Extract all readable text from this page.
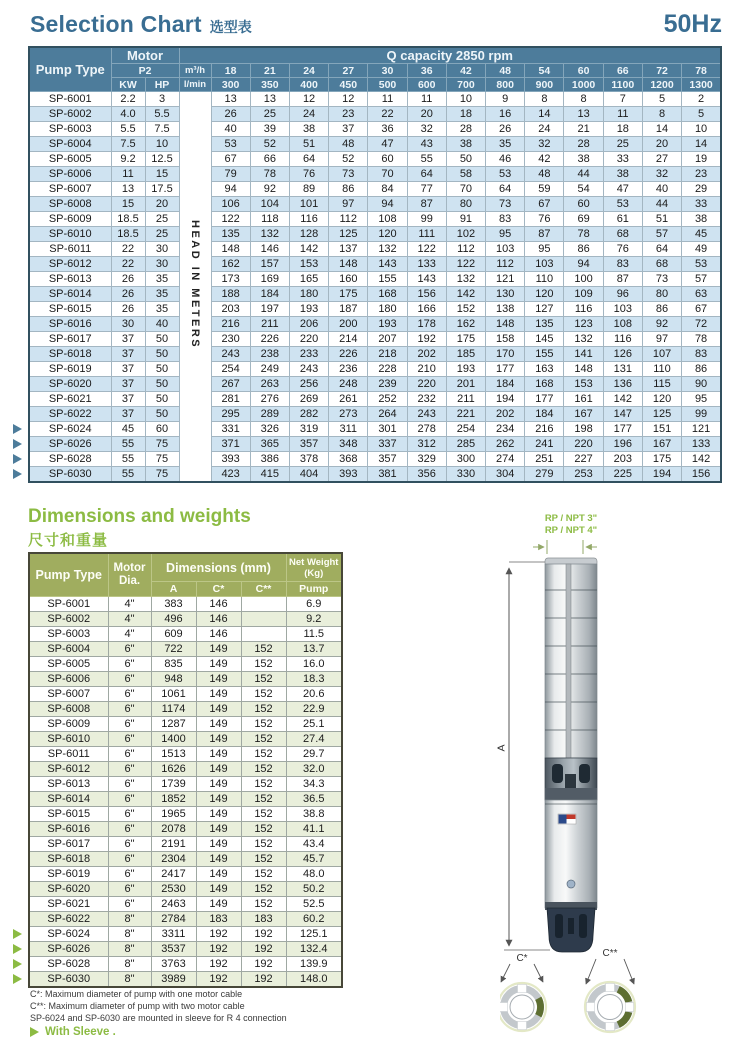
Selection Chart 选型表	50Hz
Pump Type	Motor		Q capacity 2850 rpm													
	P2		m³/h	18	21	24	27	30	36	42	48	54	60	66	72	78
	KW	HP	l/min	300	350	400	450	500	600	700	800	900	1000	1100	1200	1300
SP-6001	2.2	3	HEAD IN METERS	13	13	12	12	11	11	10	9	8	8	7	5	2
SP-6002	4.0	5.5		26	25	24	23	22	20	18	16	14	13	11	8	5
SP-6003	5.5	7.5		40	39	38	37	36	32	28	26	24	21	18	14	10
SP-6004	7.5	10		53	52	51	48	47	43	38	35	32	28	25	20	14
SP-6005	9.2	12.5		67	66	64	52	60	55	50	46	42	38	33	27	19
SP-6006	11	15		79	78	76	73	70	64	58	53	48	44	38	32	23
SP-6007	13	17.5		94	92	89	86	84	77	70	64	59	54	47	40	29
SP-6008	15	20		106	104	101	97	94	87	80	73	67	60	53	44	33
SP-6009	18.5	25		122	118	116	112	108	99	91	83	76	69	61	51	38
SP-6010	18.5	25		135	132	128	125	120	111	102	95	87	78	68	57	45
SP-6011	22	30		148	146	142	137	132	122	112	103	95	86	76	64	49
SP-6012	22	30		162	157	153	148	143	133	122	112	103	94	83	68	53
SP-6013	26	35		173	169	165	160	155	143	132	121	110	100	87	73	57
SP-6014	26	35		188	184	180	175	168	156	142	130	120	109	96	80	63
SP-6015	26	35		203	197	193	187	180	166	152	138	127	116	103	86	67
SP-6016	30	40		216	211	206	200	193	178	162	148	135	123	108	92	72
SP-6017	37	50		230	226	220	214	207	192	175	158	145	132	116	97	78
SP-6018	37	50		243	238	233	226	218	202	185	170	155	141	126	107	83
SP-6019	37	50		254	249	243	236	228	210	193	177	163	148	131	110	86
SP-6020	37	50		267	263	256	248	239	220	201	184	168	153	136	115	90
SP-6021	37	50		281	276	269	261	252	232	211	194	177	161	142	120	95
SP-6022	37	50		295	289	282	273	264	243	221	202	184	167	147	125	99
SP-6024	45	60		331	326	319	311	301	278	254	234	216	198	177	151	121
SP-6026	55	75		371	365	357	348	337	312	285	262	241	220	196	167	133
SP-6028	55	75		393	386	378	368	357	329	300	274	251	227	203	175	142
SP-6030	55	75		423	415	404	393	381	356	330	304	279	253	225	194	156
Dimensions and weights
尺寸和重量
Pump Type	Motor Dia.	Dimensions (mm)			Net Weight (Kg)
		A	C*	C**	Pump
SP-6001	4"	383	146		6.9
SP-6002	4"	496	146		9.2
SP-6003	4"	609	146		11.5
SP-6004	6"	722	149	152	13.7
SP-6005	6"	835	149	152	16.0
SP-6006	6"	948	149	152	18.3
SP-6007	6"	1061	149	152	20.6
SP-6008	6"	1174	149	152	22.9
SP-6009	6"	1287	149	152	25.1
SP-6010	6"	1400	149	152	27.4
SP-6011	6"	1513	149	152	29.7
SP-6012	6"	1626	149	152	32.0
SP-6013	6"	1739	149	152	34.3
SP-6014	6"	1852	149	152	36.5
SP-6015	6"	1965	149	152	38.8
SP-6016	6"	2078	149	152	41.1
SP-6017	6"	2191	149	152	43.4
SP-6018	6"	2304	149	152	45.7
SP-6019	6"	2417	149	152	48.0
SP-6020	6"	2530	149	152	50.2
SP-6021	6"	2463	149	152	52.5
SP-6022	8"	2784	183	183	60.2
SP-6024	8"	3311	192	192	125.1
SP-6026	8"	3537	192	192	132.4
SP-6028	8"	3763	192	192	139.9
SP-6030	8"	3989	192	192	148.0
C*: Maximum diameter of pump with one motor cable
C**: Maximum diameter of pump with two motor cable
SP-6024 and SP-6030 are mounted in sleeve for R 4 connection
With Sleeve .
RP / NPT 3"
RP / NPT 4"
A
C*	C**
